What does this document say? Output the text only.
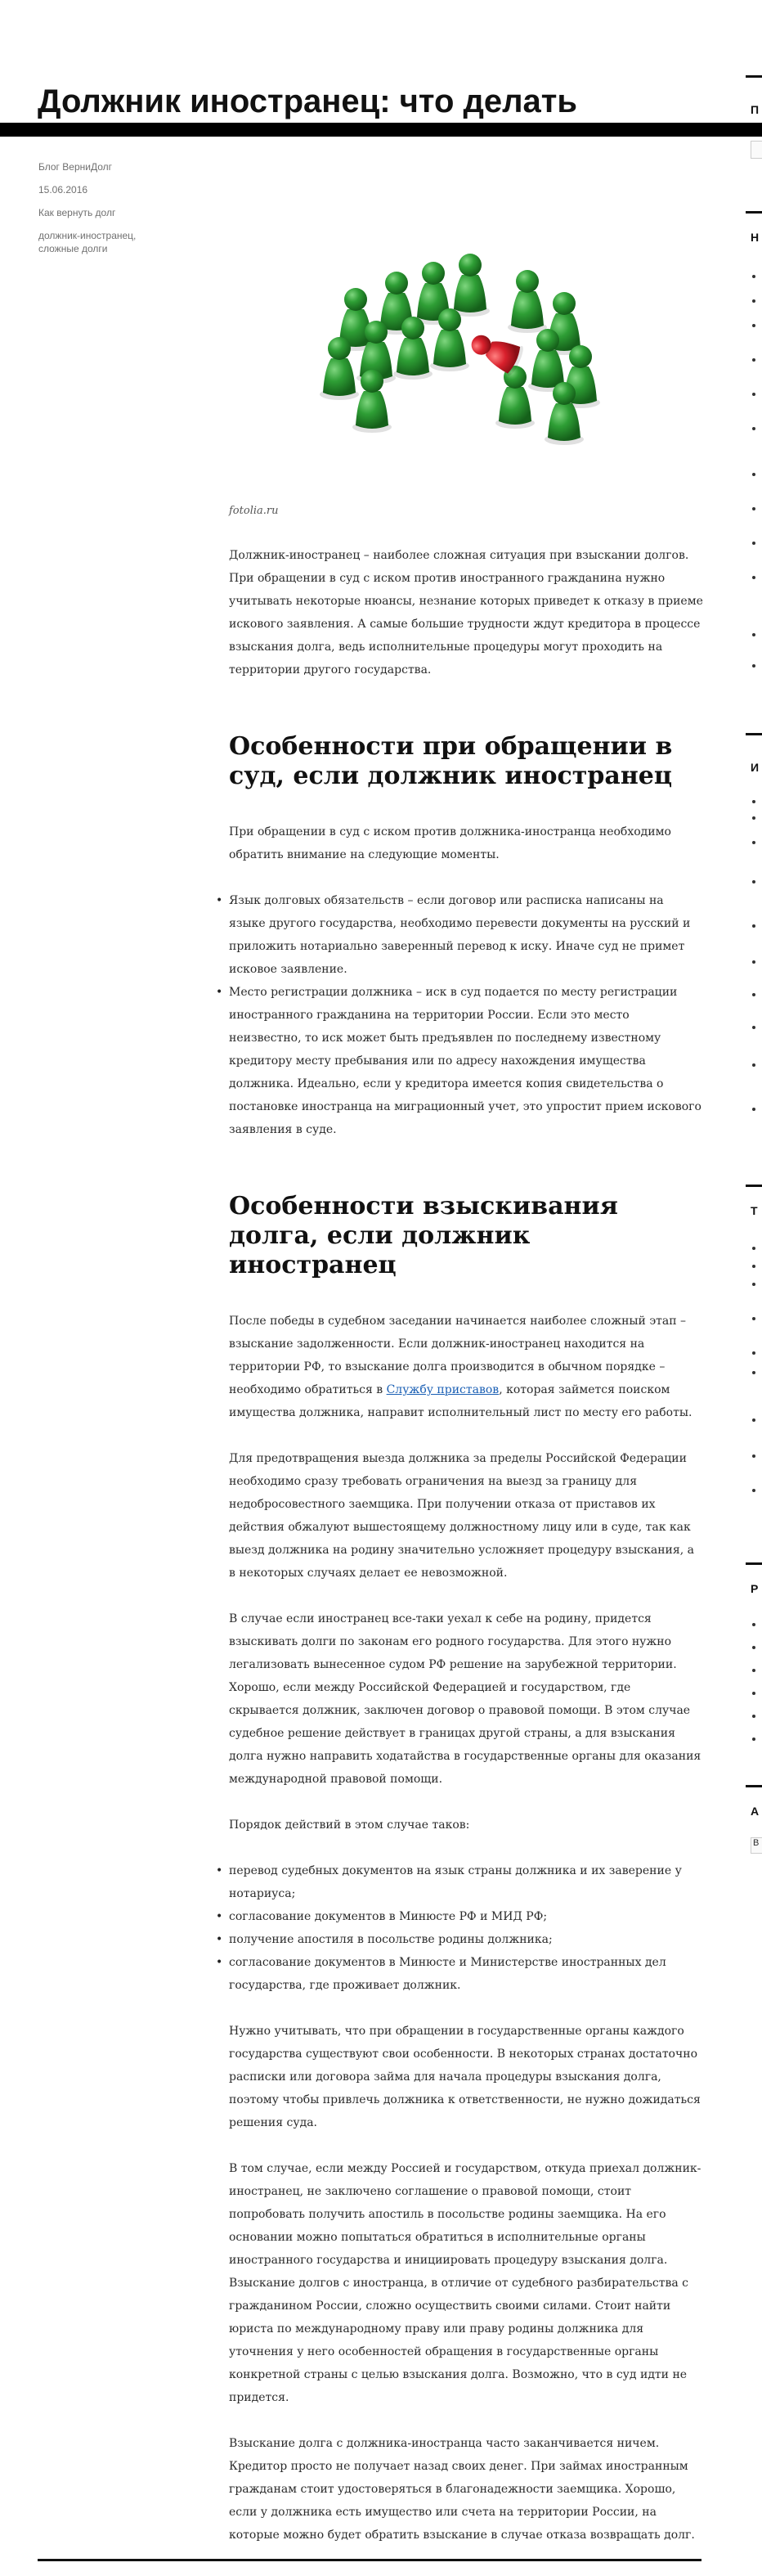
Должник иностранец: что делать
Блог ВерниДолг
15.06.2016
Как вернуть долг
должник-иностранец,
сложные долги
fotolia.ru

Должник-иностранец – наиболее сложная ситуация при взыскании долгов. При обращении в суд с иском против иностранного гражданина нужно учитывать некоторые нюансы, незнание которых приведет к отказу в приеме искового заявления. А самые большие трудности ждут кредитора в процессе взыскания долга, ведь исполнительные процедуры могут проходить на территории другого государства.

Особенности при обращении в суд, если должник иностранец

При обращении в суд с иском против должника-иностранца необходимо обратить внимание на следующие моменты.

• Язык долговых обязательств – если договор или расписка написаны на языке другого государства, необходимо перевести документы на русский и приложить нотариально заверенный перевод к иску. Иначе суд не примет исковое заявление.
• Место регистрации должника – иск в суд подается по месту регистрации иностранного гражданина на территории России. Если это место неизвестно, то иск может быть предъявлен по последнему известному кредитору месту пребывания или по адресу нахождения имущества должника. Идеально, если у кредитора имеется копия свидетельства о постановке иностранца на миграционный учет, это упростит прием искового заявления в суде.
Особенности взыскивания долга, если должник иностранец

После победы в судебном заседании начинается наиболее сложный этап – взыскание задолженности. Если должник-иностранец находится на территории РФ, то взыскание долга производится в обычном порядке – необходимо обратиться в Службу приставов, которая займется поиском имущества должника, направит исполнительный лист по месту его работы.

Для предотвращения выезда должника за пределы Российской Федерации необходимо сразу требовать ограничения на выезд за границу для недобросовестного заемщика. При получении отказа от приставов их действия обжалуют вышестоящему должностному лицу или в суде, так как выезд должника на родину значительно усложняет процедуру взыскания, а в некоторых случаях делает ее невозможной.

В случае если иностранец все-таки уехал к себе на родину, придется взыскивать долги по законам его родного государства. Для этого нужно легализовать вынесенное судом РФ решение на зарубежной территории. Хорошо, если между Российской Федерацией и государством, где скрывается должник, заключен договор о правовой помощи. В этом случае судебное решение действует в границах другой страны, а для взыскания долга нужно направить ходатайства в государственные органы для оказания международной правовой помощи.

Порядок действий в этом случае таков:

• перевод судебных документов на язык страны должника и их заверение у нотариуса;
• согласование документов в Минюсте РФ и МИД РФ;
• получение апостиля в посольстве родины должника;
• согласование документов в Минюсте и Министерстве иностранных дел государства, где проживает должник.

Нужно учитывать, что при обращении в государственные органы каждого государства существуют свои особенности. В некоторых странах достаточно расписки или договора займа для начала процедуры взыскания долга, поэтому чтобы привлечь должника к ответственности, не нужно дожидаться решения суда.

В том случае, если между Россией и государством, откуда приехал должник-иностранец, не заключено соглашение о правовой помощи, стоит попробовать получить апостиль в посольстве родины заемщика. На его основании можно попытаться обратиться в исполнительные органы иностранного государства и инициировать процедуру взыскания долга. Взыскание долгов с иностранца, в отличие от судебного разбирательства с гражданином России, сложно осуществить своими силами. Стоит найти юриста по международному праву или праву родины должника для уточнения у него особенностей обращения в государственные органы конкретной страны с целью взыскания долга. Возможно, что в суд идти не придется.

Взыскание долга с должника-иностранца часто заканчивается ничем. Кредитор просто не получает назад своих денег. При займах иностранным гражданам стоит удостоверяться в благонадежности заемщика. Хорошо, если у должника есть имущество или счета на территории России, на которые можно будет обратить взыскание в случае отказа возвращать долг.

П
Н
И
Т
Р
А
В
